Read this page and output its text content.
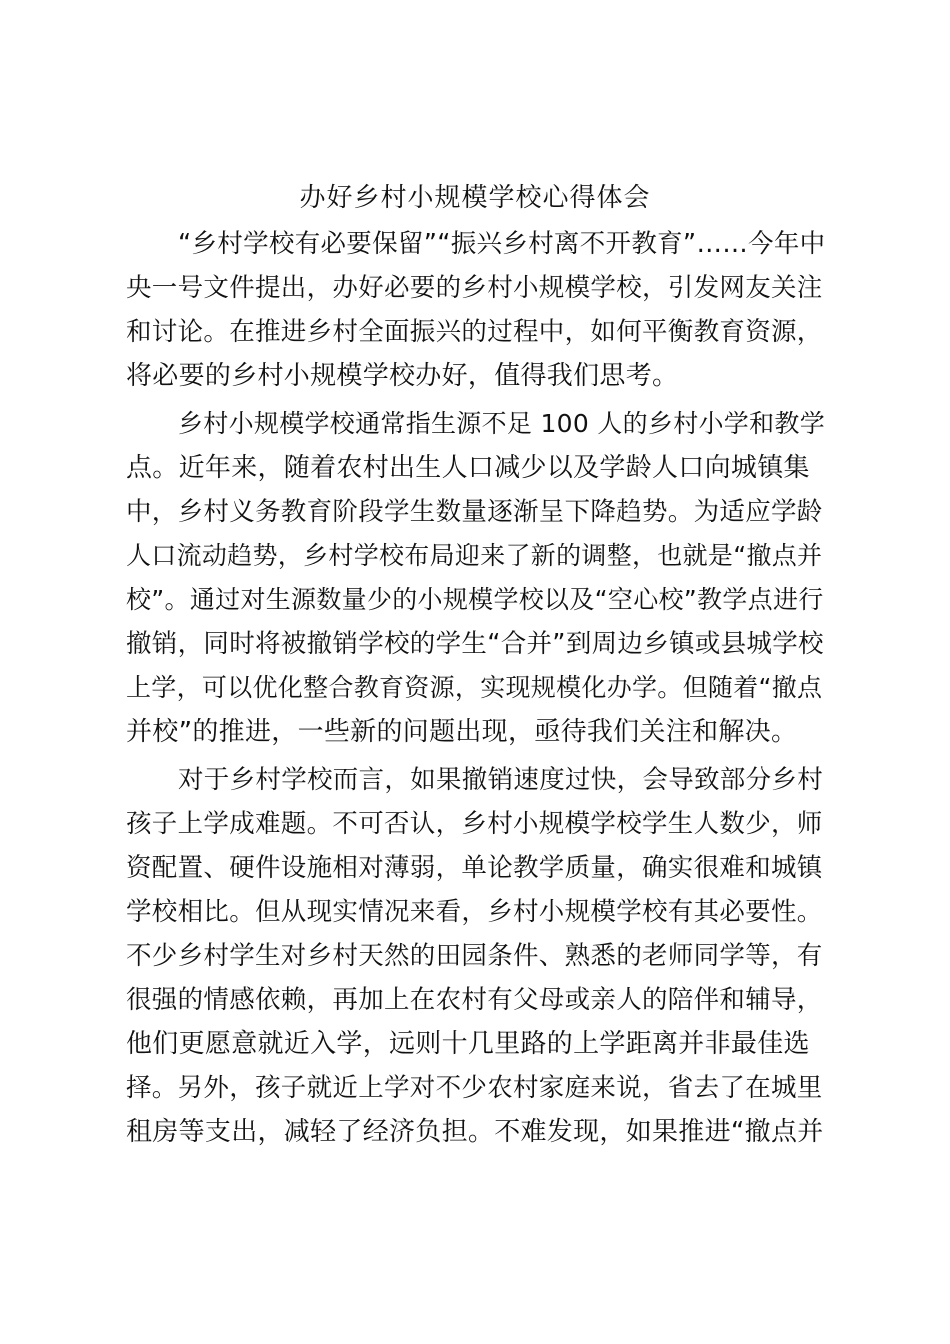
办好乡村小规模学校心得体会
“乡村学校有必要保留”“振兴乡村离不开教育”……今年中
央一号文件提出，办好必要的乡村小规模学校，引发网友关注
和讨论。在推进乡村全面振兴的过程中，如何平衡教育资源，
将必要的乡村小规模学校办好，值得我们思考。
乡村小规模学校通常指生源不足 100 人的乡村小学和教学
点。近年来，随着农村出生人口减少以及学龄人口向城镇集
中，乡村义务教育阶段学生数量逐渐呈下降趋势。为适应学龄
人口流动趋势，乡村学校布局迎来了新的调整，也就是“撤点并
校”。通过对生源数量少的小规模学校以及“空心校”教学点进行
撤销，同时将被撤销学校的学生“合并”到周边乡镇或县城学校
上学，可以优化整合教育资源，实现规模化办学。但随着“撤点
并校”的推进，一些新的问题出现，亟待我们关注和解决。
对于乡村学校而言，如果撤销速度过快，会导致部分乡村
孩子上学成难题。不可否认，乡村小规模学校学生人数少，师
资配置、硬件设施相对薄弱，单论教学质量，确实很难和城镇
学校相比。但从现实情况来看，乡村小规模学校有其必要性。
不少乡村学生对乡村天然的田园条件、熟悉的老师同学等，有
很强的情感依赖，再加上在农村有父母或亲人的陪伴和辅导，
他们更愿意就近入学，远则十几里路的上学距离并非最佳选
择。另外，孩子就近上学对不少农村家庭来说，省去了在城里
租房等支出，减轻了经济负担。不难发现，如果推进“撤点并
